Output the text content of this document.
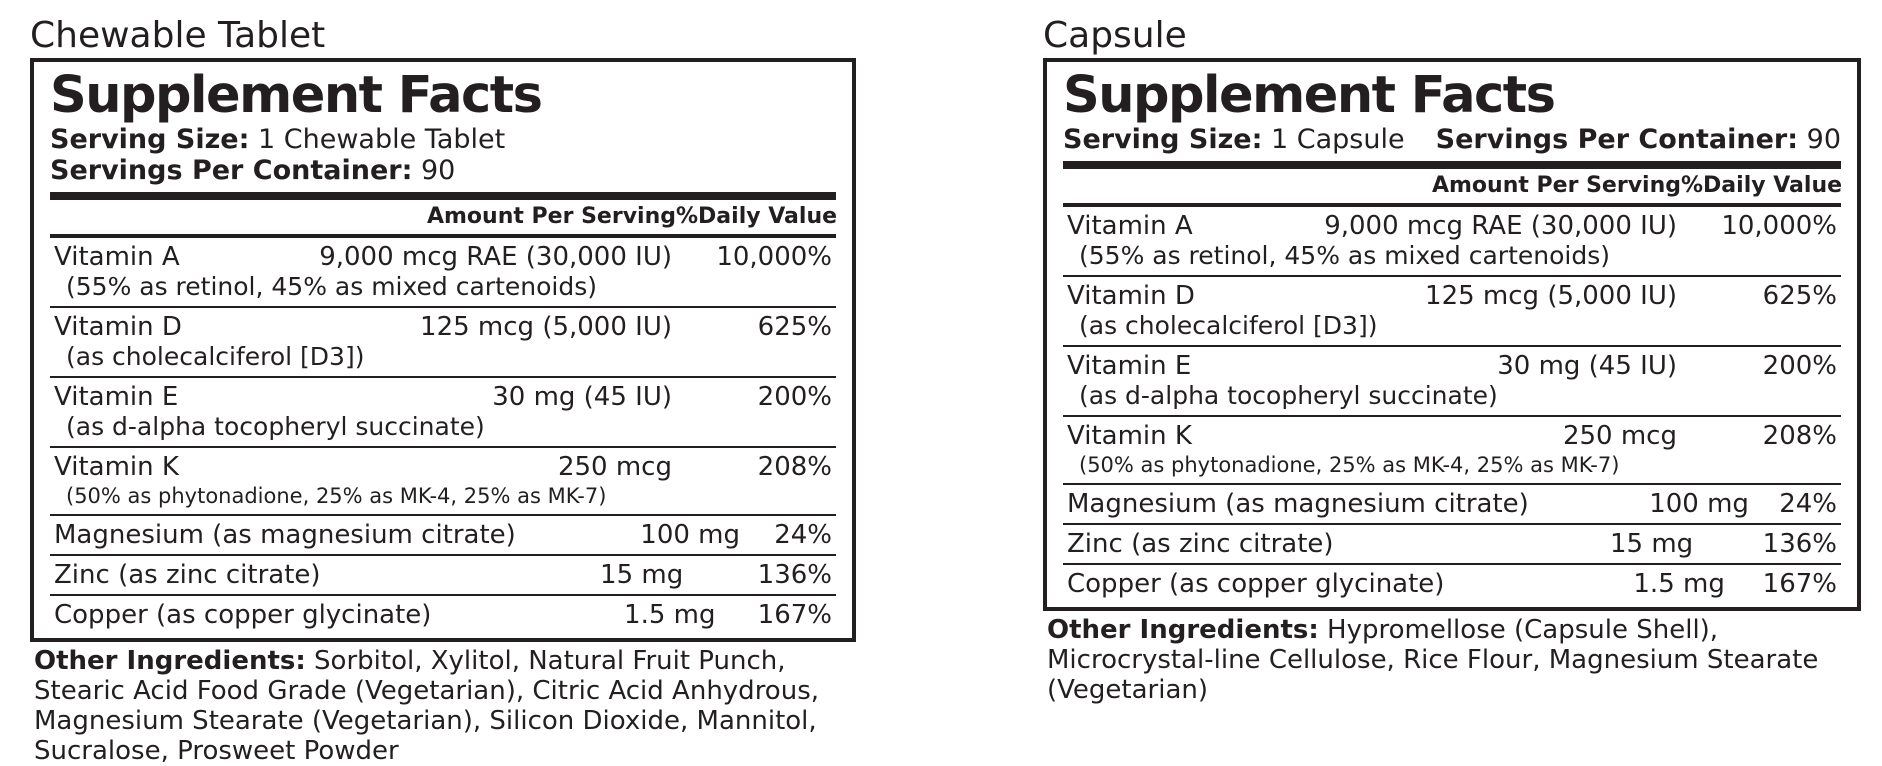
Chewable Tablet
Supplement Facts
Serving Size: 1 Chewable Tablet
Servings Per Container: 90
Amount Per Serving %Daily Value
Vitamin A	9,000 mcg RAE (30,000 IU)	10,000%
(55% as retinol, 45% as mixed cartenoids)
Vitamin D	125 mcg (5,000 IU)	625%
(as cholecalciferol [D3])
Vitamin E	30 mg (45 IU)	200%
(as d-alpha tocopheryl succinate)
Vitamin K	250 mcg	208%
(50% as phytonadione, 25% as MK-4, 25% as MK-7)
Magnesium (as magnesium citrate)	100 mg	24%
Zinc (as zinc citrate)	15 mg	136%
Copper (as copper glycinate)	1.5 mg	167%
Other Ingredients: Sorbitol, Xylitol, Natural Fruit Punch, Stearic Acid Food Grade (Vegetarian), Citric Acid Anhydrous, Magnesium Stearate (Vegetarian), Silicon Dioxide, Mannitol, Sucralose, Prosweet Powder
Capsule
Supplement Facts
Serving Size: 1 Capsule Servings Per Container: 90
Amount Per Serving %Daily Value
Vitamin A	9,000 mcg RAE (30,000 IU)	10,000%
(55% as retinol, 45% as mixed cartenoids)
Vitamin D	125 mcg (5,000 IU)	625%
(as cholecalciferol [D3])
Vitamin E	30 mg (45 IU)	200%
(as d-alpha tocopheryl succinate)
Vitamin K	250 mcg	208%
(50% as phytonadione, 25% as MK-4, 25% as MK-7)
Magnesium (as magnesium citrate)	100 mg	24%
Zinc (as zinc citrate)	15 mg	136%
Copper (as copper glycinate)	1.5 mg	167%
Other Ingredients: Hypromellose (Capsule Shell), Microcrystal-line Cellulose, Rice Flour, Magnesium Stearate (Vegetarian)
